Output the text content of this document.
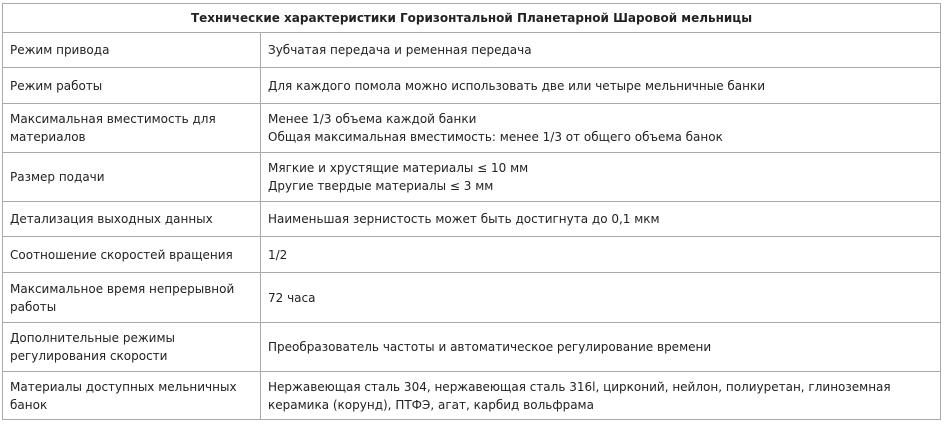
Технические характеристики Горизонтальной Планетарной Шаровой мельницы	
Режим привода	Зубчатая передача и ременная передача

Режим работы	Для каждого помола можно использовать две или четыре мельничные банки

Максимальная вместимость для материалов	Менее 1/3 объема каждой банки
Общая максимальная вместимость: менее 1/3 от общего объема банок

Размер подачи	Мягкие и хрустящие материалы ≤ 10 мм
Другие твердые материалы ≤ 3 мм

Детализация выходных данных	Наименьшая зернистость может быть достигнута до 0,1 мкм

Соотношение скоростей вращения	1/2

Максимальное время непрерывной работы	72 часа

Дополнительные режимы регулирования скорости	Преобразователь частоты и автоматическое регулирование времени

Материалы доступных мельничных банок	Нержавеющая сталь 304, нержавеющая сталь 316l, цирконий, нейлон, полиуретан, глиноземная керамика (корунд), ПТФЭ, агат, карбид вольфрама
